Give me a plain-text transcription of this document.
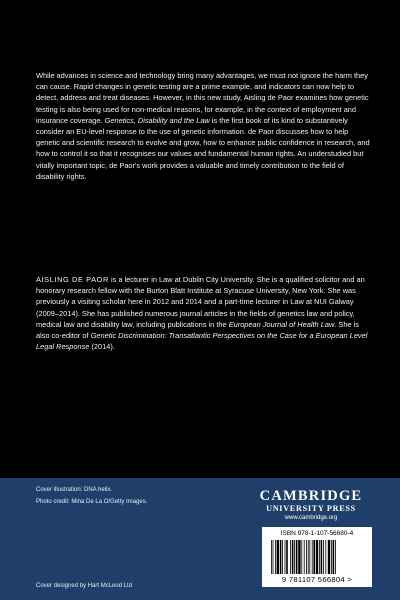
While advances in science and technology bring many advantages, we must not ignore the harm they can cause. Rapid changes in genetic testing are a prime example, and indicators can now help to detect, address and treat diseases. However, in this new study, Aisling de Paor examines how genetic testing is also being used for non-medical reasons, for example, in the context of employment and insurance coverage. Genetics, Disability and the Law is the first book of its kind to substantively consider an EU-level response to the use of genetic information. de Paor discusses how to help genetic and scientific research to evolve and grow, how to enhance public confidence in research, and how to control it so that it recognises our values and fundamental human rights. An understudied but vitally important topic, de Paor's work provides a valuable and timely contribution to the field of disability rights.

AISLING DE PAOR is a lecturer in Law at Dublin City University. She is a qualified solicitor and an honorary research fellow with the Burton Blatt Institute at Syracuse University, New York. She was previously a visiting scholar here in 2012 and 2014 and a part-time lecturer in Law at NUI Galway (2009–2014). She has published numerous journal articles in the fields of genetics law and policy, medical law and disability law, including publications in the European Journal of Health Law. She is also co-editor of Genetic Discrimination: Transatlantic Perspectives on the Case for a European Level Legal Response (2014).

Cover illustration: DNA helix.
Photo credit: Mina De La O/Getty Images.
Cover designed by Hart McLeod Ltd
CAMBRIDGE
UNIVERSITY PRESS
www.cambridge.org
ISBN 978-1-107-56680-4
9 781107 566804 >
